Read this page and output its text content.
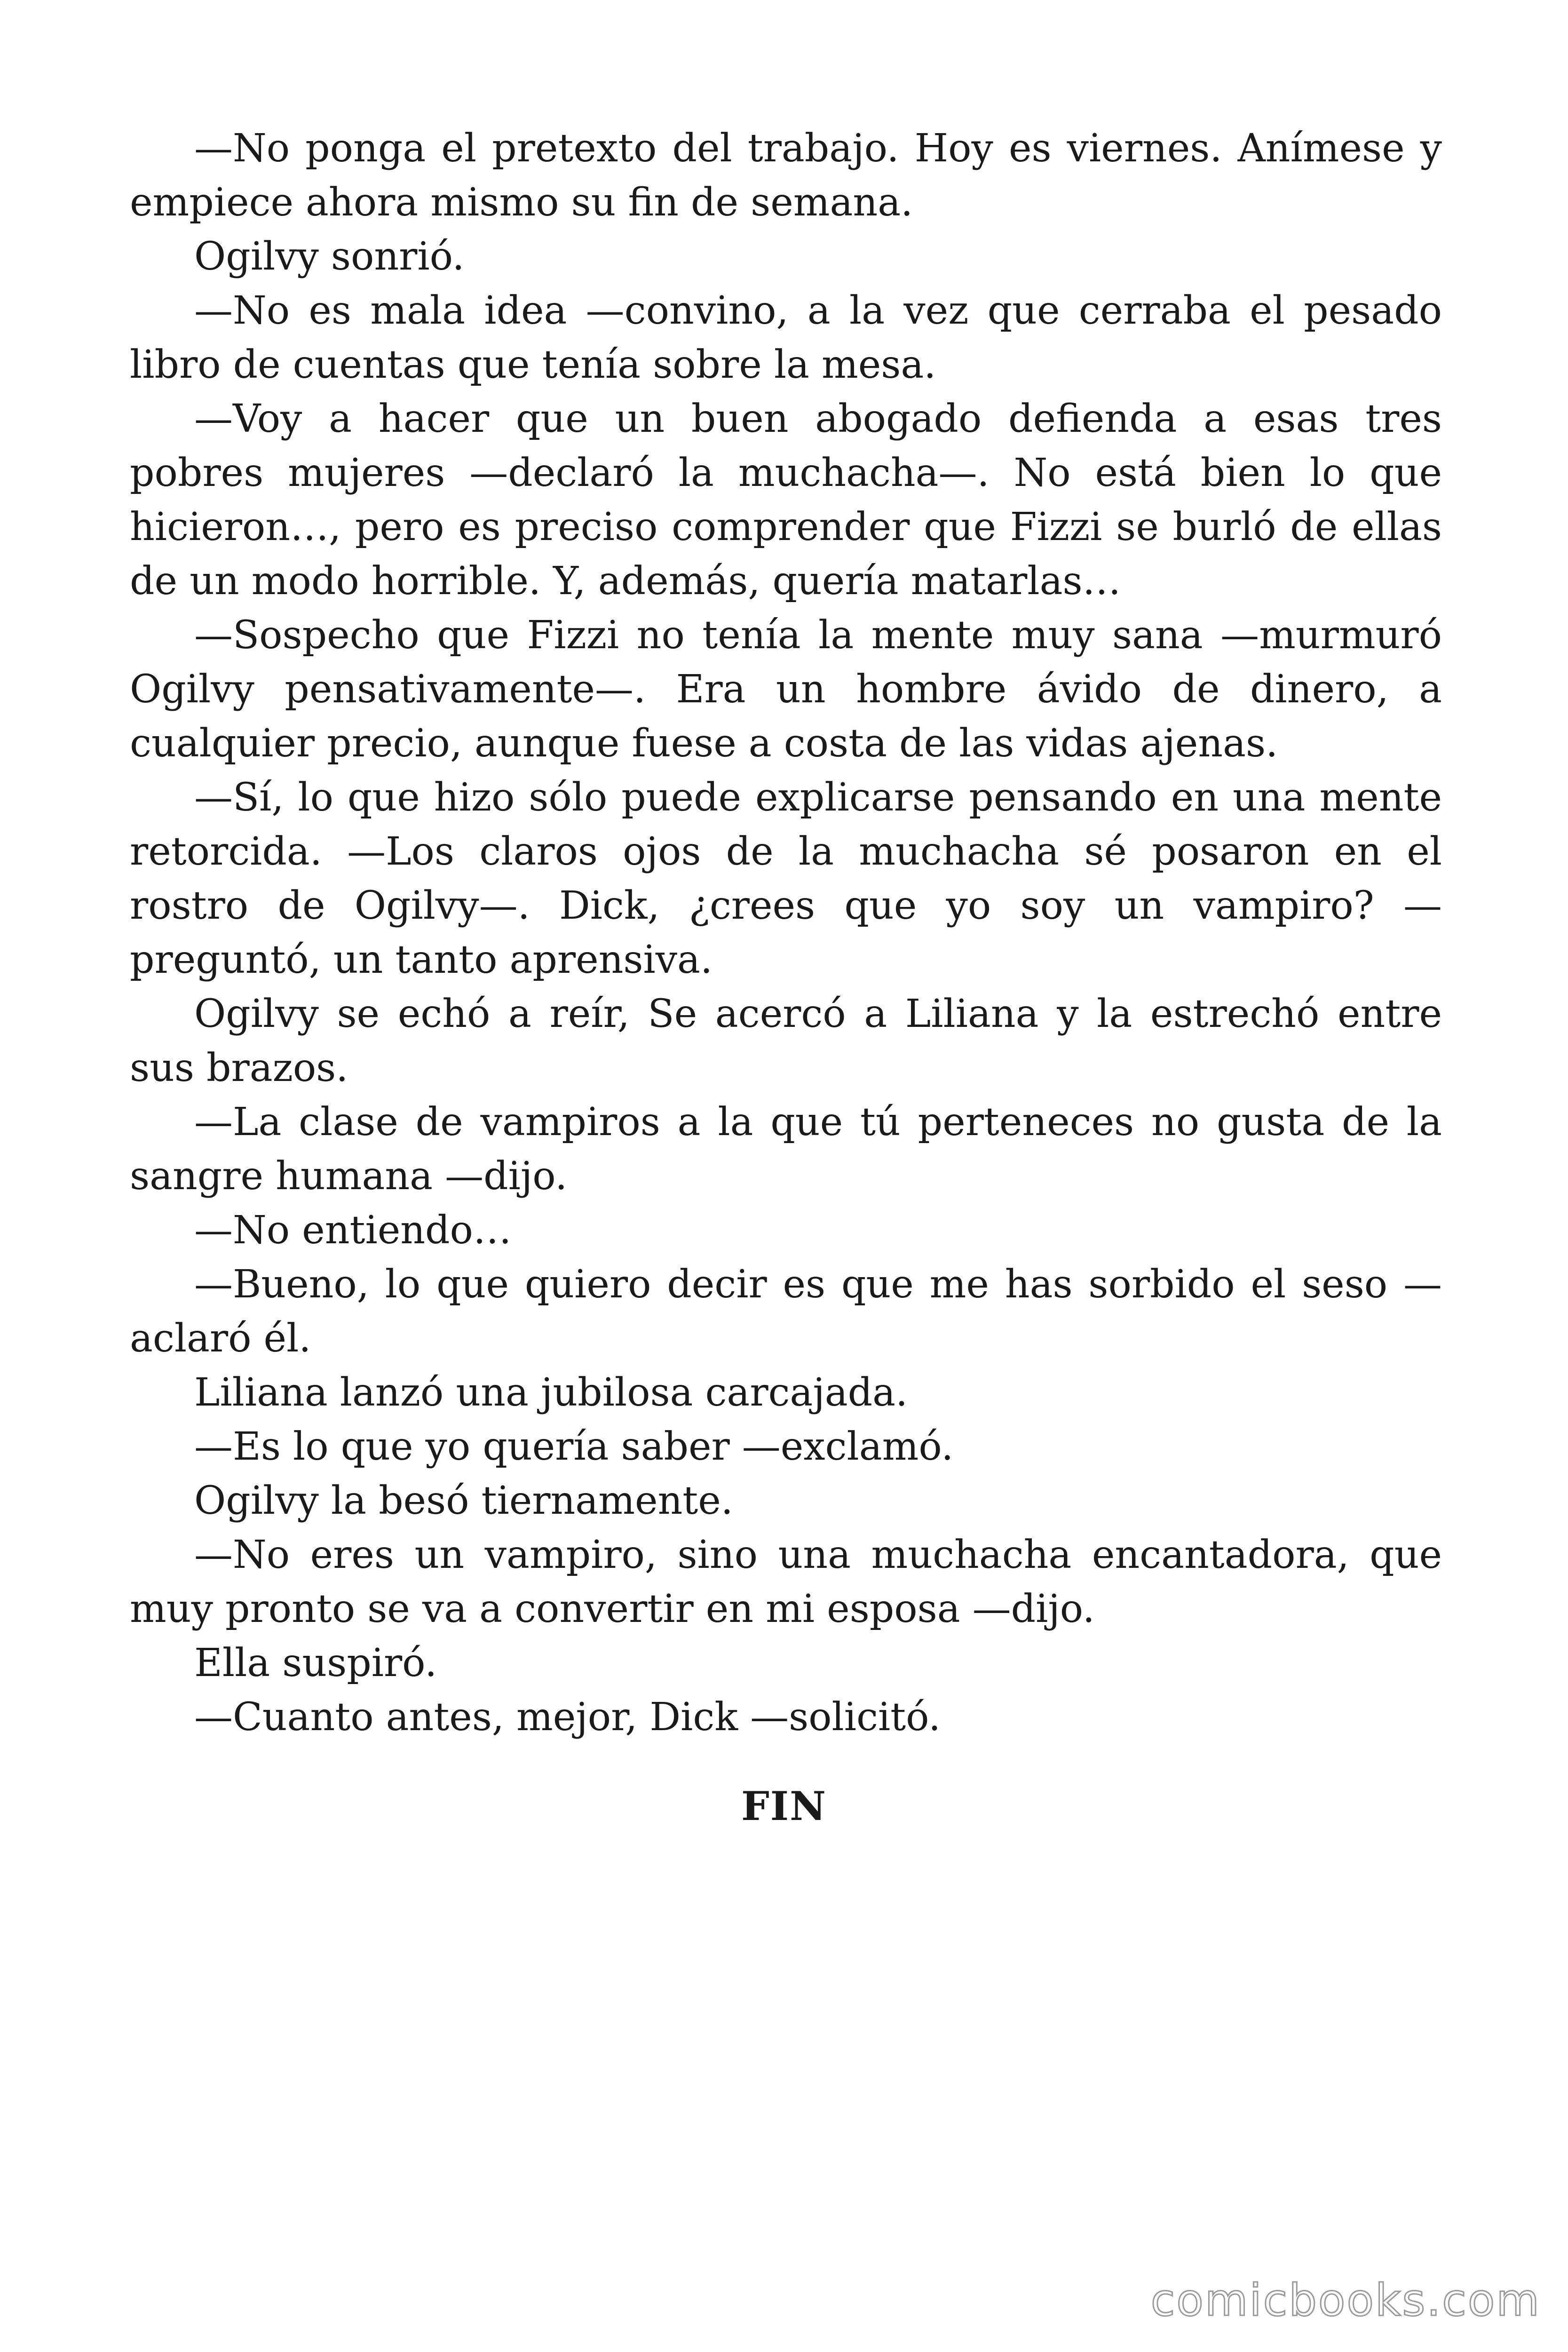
—No ponga el pretexto del trabajo. Hoy es viernes. Anímese y empiece ahora mismo su fin de semana.

Ogilvy sonrió.

—No es mala idea —convino, a la vez que cerraba el pesado libro de cuentas que tenía sobre la mesa.

—Voy a hacer que un buen abogado defienda a esas tres pobres mujeres —declaró la muchacha—. No está bien lo que hicieron…, pero es preciso comprender que Fizzi se burló de ellas de un modo horrible. Y, además, quería matarlas…

—Sospecho que Fizzi no tenía la mente muy sana —murmuró Ogilvy pensativamente—. Era un hombre ávido de dinero, a cualquier precio, aunque fuese a costa de las vidas ajenas.

—Sí, lo que hizo sólo puede explicarse pensando en una mente retorcida. —Los claros ojos de la muchacha sé posaron en el rostro de Ogilvy—. Dick, ¿crees que yo soy un vampiro? —preguntó, un tanto aprensiva.

Ogilvy se echó a reír, Se acercó a Liliana y la estrechó entre sus brazos.

—La clase de vampiros a la que tú perteneces no gusta de la sangre humana —dijo.

—No entiendo…

—Bueno, lo que quiero decir es que me has sorbido el seso —aclaró él.

Liliana lanzó una jubilosa carcajada.

—Es lo que yo quería saber —exclamó.

Ogilvy la besó tiernamente.

—No eres un vampiro, sino una muchacha encantadora, que muy pronto se va a convertir en mi esposa —dijo.

Ella suspiró.

—Cuanto antes, mejor, Dick —solicitó.

FIN

comicbooks.com
